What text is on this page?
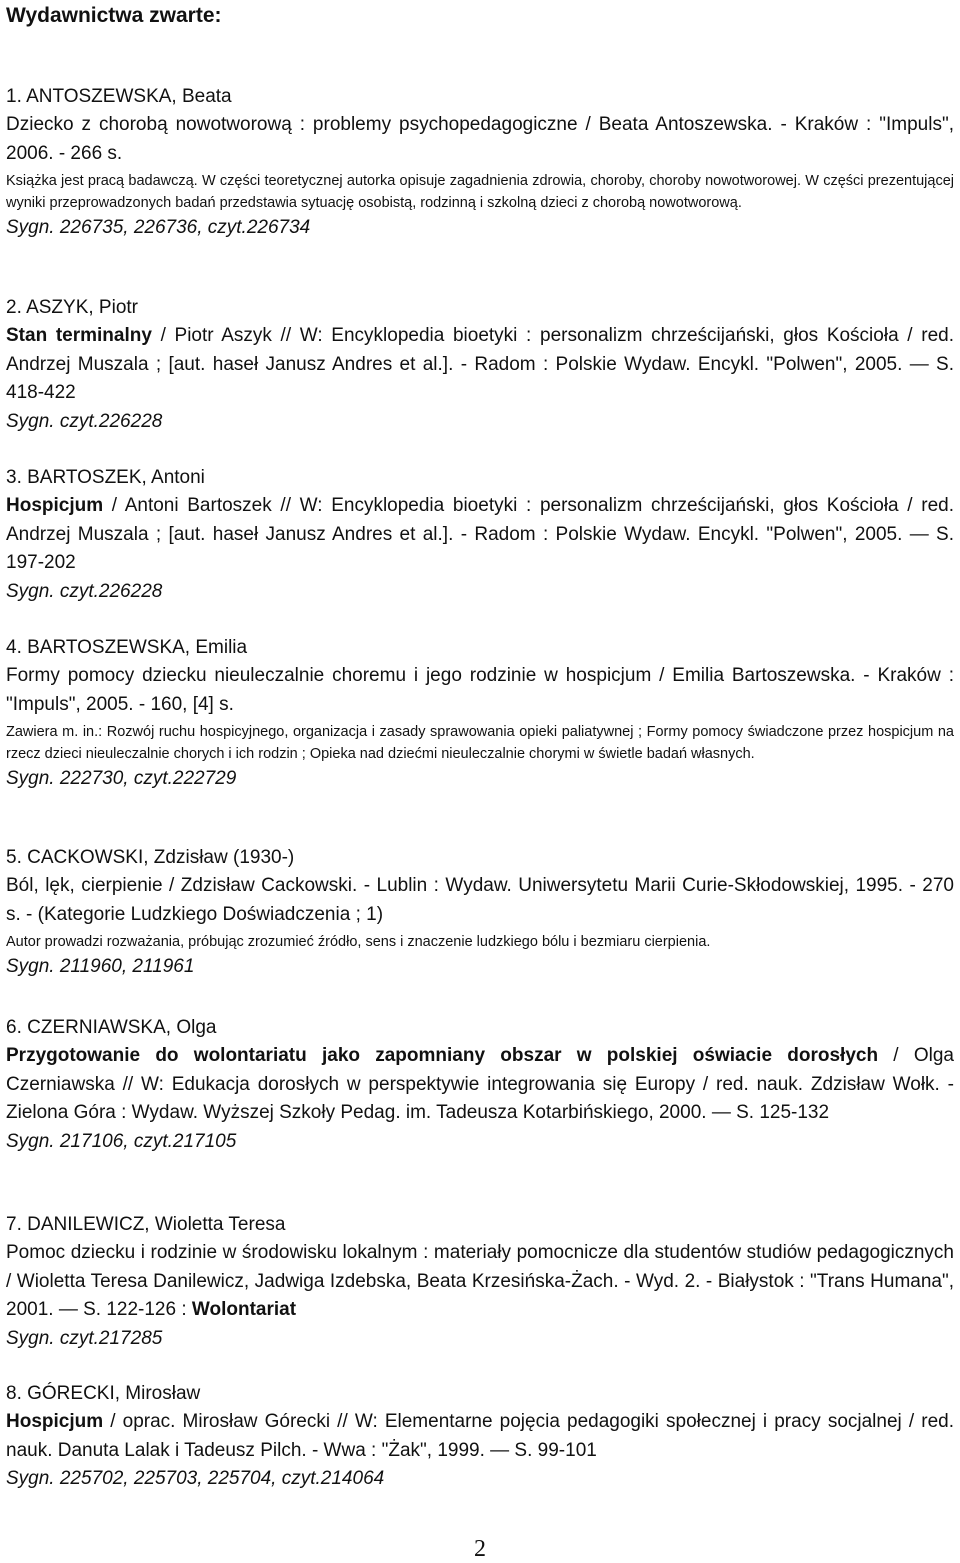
Wydawnictwa zwarte:

1. ANTOSZEWSKA, Beata

Dziecko z chorobą nowotworową : problemy psychopedagogiczne / Beata Antoszewska. - Kraków : "Impuls", 2006. - 266 s.

Książka jest pracą badawczą. W części teoretycznej autorka opisuje zagadnienia zdrowia, choroby, choroby nowotworowej. W części prezentującej wyniki przeprowadzonych badań przedstawia sytuację osobistą, rodzinną i szkolną dzieci z chorobą nowotworową.

Sygn. 226735, 226736, czyt.226734

2. ASZYK, Piotr

Stan terminalny / Piotr Aszyk // W: Encyklopedia bioetyki : personalizm chrześcijański, głos Kościoła / red. Andrzej Muszala ; [aut. haseł Janusz Andres et al.]. - Radom : Polskie Wydaw. Encykl. "Polwen", 2005. — S. 418-422

Sygn. czyt.226228

3. BARTOSZEK, Antoni

Hospicjum / Antoni Bartoszek // W: Encyklopedia bioetyki : personalizm chrześcijański, głos Kościoła / red. Andrzej Muszala ; [aut. haseł Janusz Andres et al.]. - Radom : Polskie Wydaw. Encykl. "Polwen", 2005. — S. 197-202

Sygn. czyt.226228

4. BARTOSZEWSKA, Emilia

Formy pomocy dziecku nieuleczalnie choremu i jego rodzinie w hospicjum / Emilia Bartoszewska. - Kraków : "Impuls", 2005. - 160, [4] s.

Zawiera m. in.: Rozwój ruchu hospicyjnego, organizacja i zasady sprawowania opieki paliatywnej ; Formy pomocy świadczone przez hospicjum na rzecz dzieci nieuleczalnie chorych i ich rodzin ; Opieka nad dziećmi nieuleczalnie chorymi w świetle badań własnych.

Sygn. 222730, czyt.222729

5. CACKOWSKI, Zdzisław (1930-)

Ból, lęk, cierpienie / Zdzisław Cackowski. - Lublin : Wydaw. Uniwersytetu Marii Curie-Skłodowskiej, 1995. - 270 s. - (Kategorie Ludzkiego Doświadczenia ; 1)

Autor prowadzi rozważania, próbując zrozumieć źródło, sens i znaczenie ludzkiego bólu i bezmiaru cierpienia.

Sygn. 211960, 211961

6. CZERNIAWSKA, Olga

Przygotowanie do wolontariatu jako zapomniany obszar w polskiej oświacie dorosłych / Olga Czerniawska // W: Edukacja dorosłych w perspektywie integrowania się Europy / red. nauk. Zdzisław Wołk. - Zielona Góra : Wydaw. Wyższej Szkoły Pedag. im. Tadeusza Kotarbińskiego, 2000. — S. 125-132

Sygn. 217106, czyt.217105

7. DANILEWICZ, Wioletta Teresa

Pomoc dziecku i rodzinie w środowisku lokalnym : materiały pomocnicze dla studentów studiów pedagogicznych / Wioletta Teresa Danilewicz, Jadwiga Izdebska, Beata Krzesińska-Żach. - Wyd. 2. - Białystok : "Trans Humana", 2001. — S. 122-126 : Wolontariat

Sygn. czyt.217285

8. GÓRECKI, Mirosław

Hospicjum / oprac. Mirosław Górecki // W: Elementarne pojęcia pedagogiki społecznej i pracy socjalnej / red. nauk. Danuta Lalak i Tadeusz Pilch. - Wwa : "Żak", 1999. — S. 99-101

Sygn. 225702, 225703, 225704, czyt.214064

2
